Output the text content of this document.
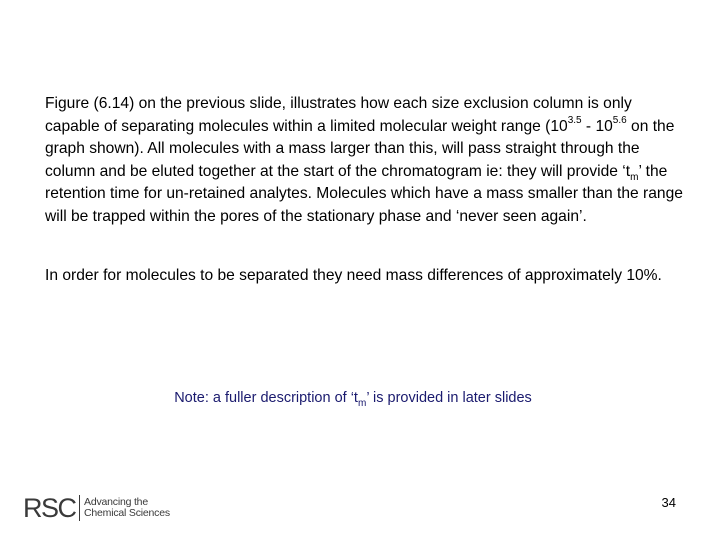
Figure (6.14) on the previous slide, illustrates how each size exclusion column is only capable of separating molecules within a limited molecular weight range ($10^{3.5} - 10^{5.6}$ on the graph shown). All molecules with a mass larger than this, will pass straight through the column and be eluted together at the start of the chromatogram ie: they will provide ‘$t_m$’ the retention time for un-retained analytes. Molecules which have a mass smaller than the range will be trapped within the pores of the stationary phase and ‘never seen again’.

In order for molecules to be separated they need mass differences of approximately 10%.

Note: a fuller description of ‘$t_m$’ is provided in later slides

RSC Advancing the
Chemical Sciences
34
